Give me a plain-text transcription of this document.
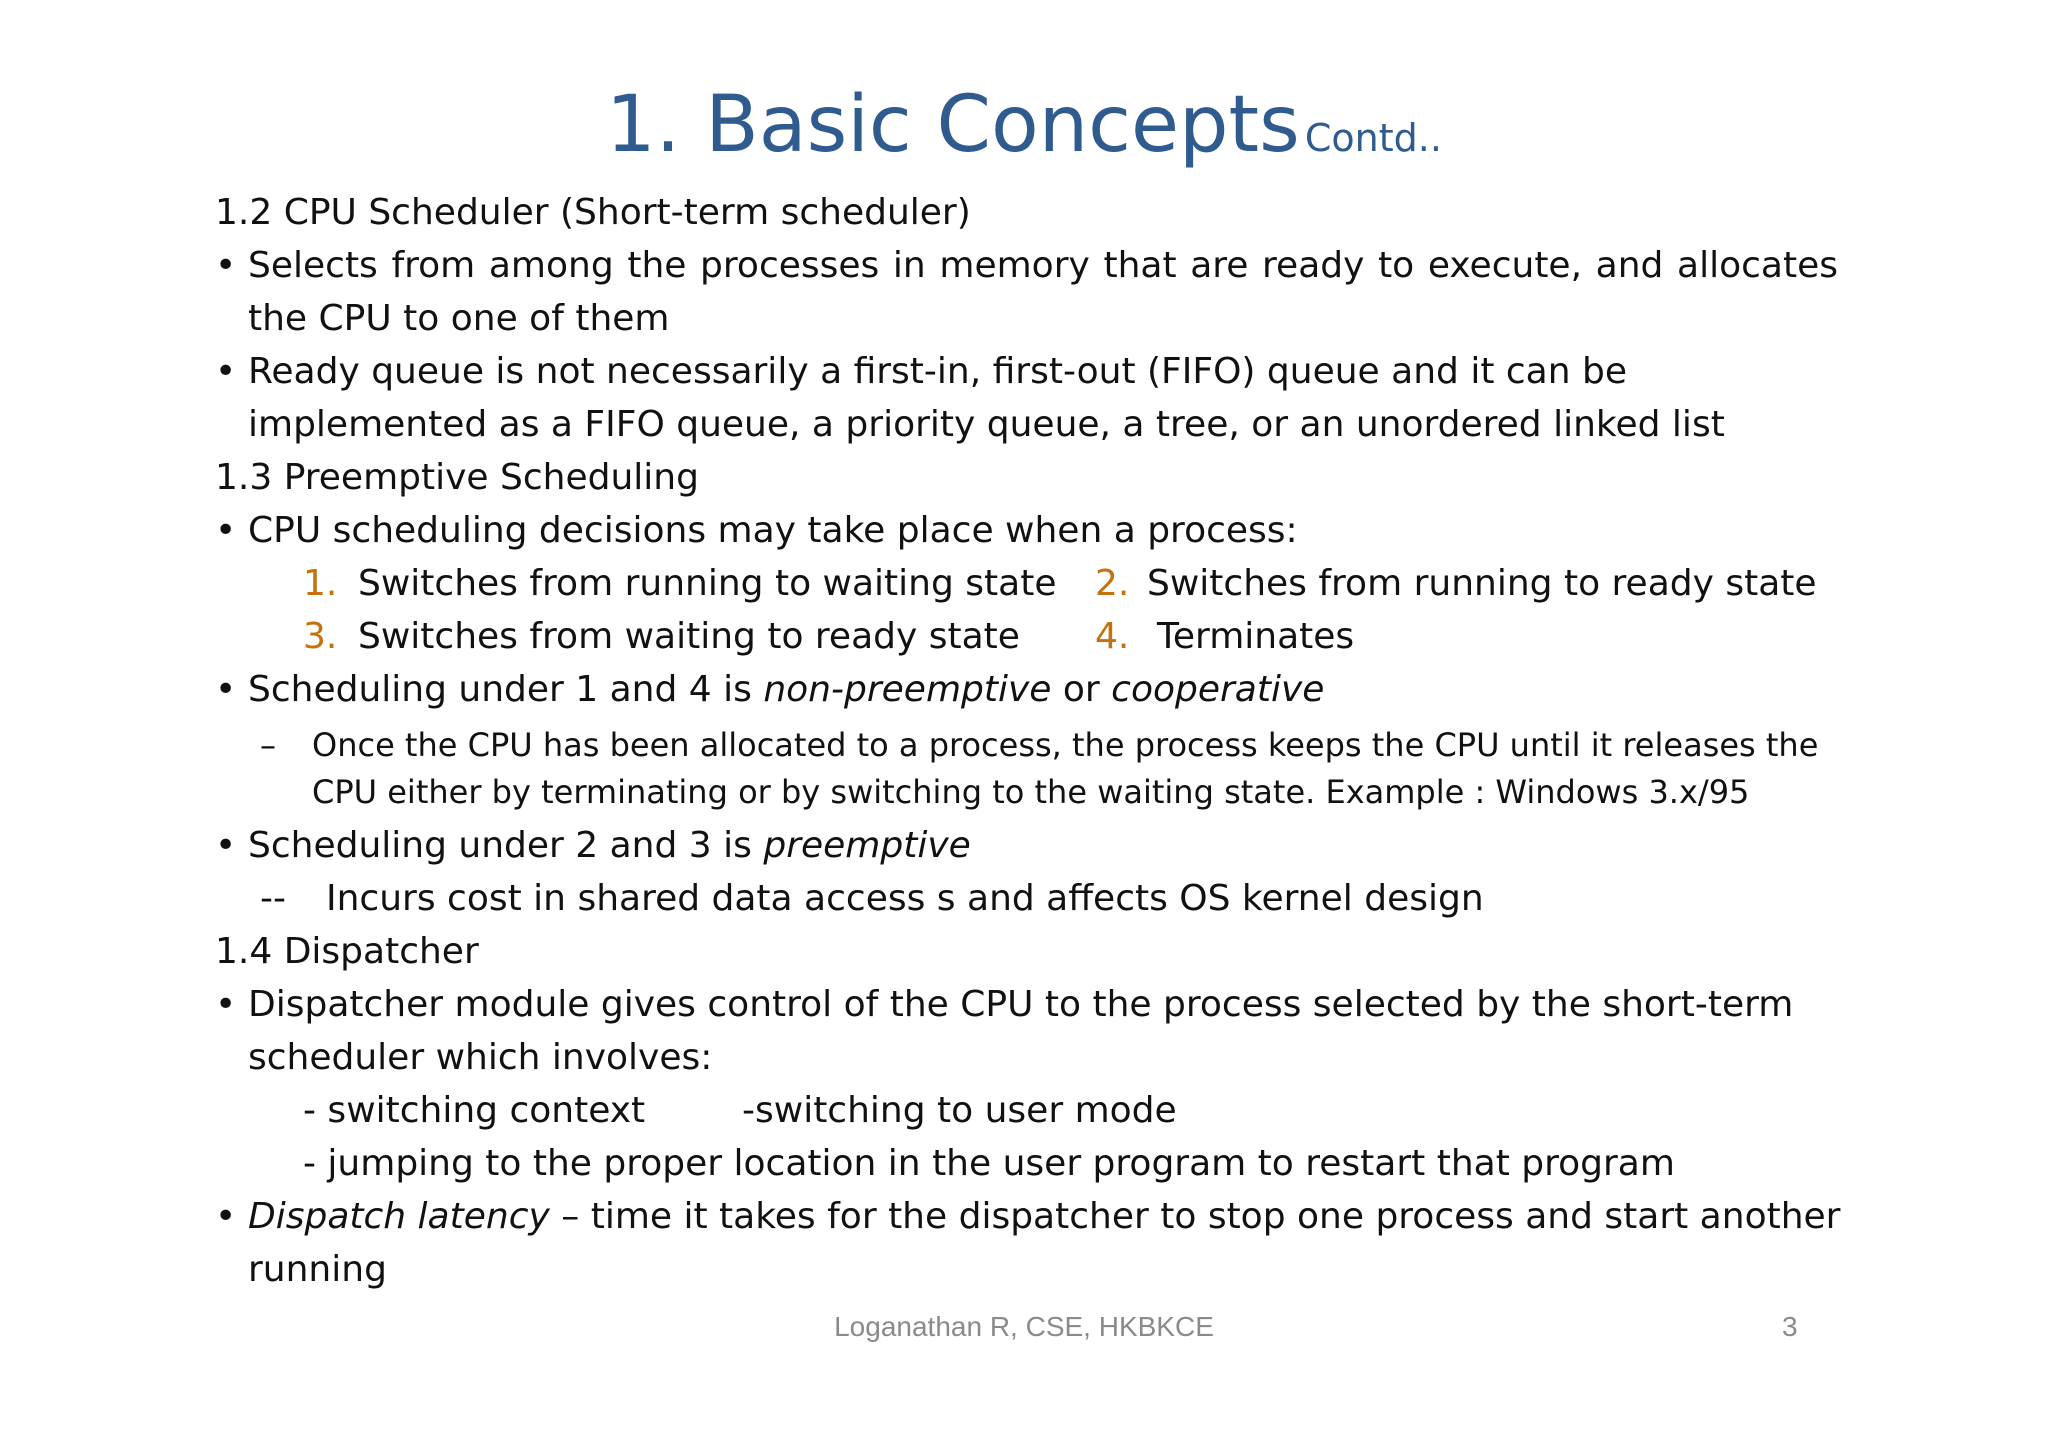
1. Basic Concepts Contd..
1.2 CPU Scheduler (Short-term scheduler)
• Selects from among the processes in memory that are ready to execute, and allocates
the CPU to one of them
• Ready queue is not necessarily a first-in, first-out (FIFO) queue and it can be
implemented as a FIFO queue, a priority queue, a tree, or an unordered linked list
1.3 Preemptive Scheduling
• CPU scheduling decisions may take place when a process:
1. Switches from running to waiting state 2. Switches from running to ready state
3. Switches from waiting to ready state 4. Terminates
• Scheduling under 1 and 4 is non-preemptive or cooperative
– Once the CPU has been allocated to a process, the process keeps the CPU until it releases the
CPU either by terminating or by switching to the waiting state. Example : Windows 3.x/95
• Scheduling under 2 and 3 is preemptive
-- Incurs cost in shared data access s and affects OS kernel design
1.4 Dispatcher
• Dispatcher module gives control of the CPU to the process selected by the short-term
scheduler which involves:
- switching context	-switching to user mode
- jumping to the proper location in the user program to restart that program
• Dispatch latency – time it takes for the dispatcher to stop one process and start another
running
Loganathan R, CSE, HKBKCE	3
